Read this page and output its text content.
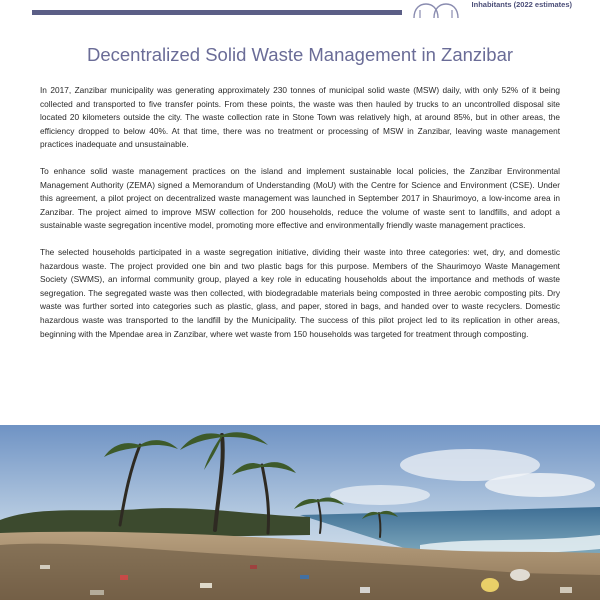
Inhabitants (2022 estimates)
Decentralized Solid Waste Management in Zanzibar

In 2017, Zanzibar municipality was generating approximately 230 tonnes of municipal solid waste (MSW) daily, with only 52% of it being collected and transported to five transfer points. From these points, the waste was then hauled by trucks to an uncontrolled disposal site located 20 kilometers outside the city. The waste collection rate in Stone Town was relatively high, at around 85%, but in other areas, the efficiency dropped to below 40%. At that time, there was no treatment or processing of MSW in Zanzibar, leaving waste management practices inadequate and unsustainable.

To enhance solid waste management practices on the island and implement sustainable local policies, the Zanzibar Environmental Management Authority (ZEMA) signed a Memorandum of Understanding (MoU) with the Centre for Science and Environment (CSE). Under this agreement, a pilot project on decentralized waste management was launched in September 2017 in Shaurimoyo, a low-income area in Zanzibar. The project aimed to improve MSW collection for 200 households, reduce the volume of waste sent to landfills, and adopt a sustainable waste segregation incentive model, promoting more effective and environmentally friendly waste management practices.

The selected households participated in a waste segregation initiative, dividing their waste into three categories: wet, dry, and domestic hazardous waste. The project provided one bin and two plastic bags for this purpose. Members of the Shaurimoyo Waste Management Society (SWMS), an informal community group, played a key role in educating households about the importance and methods of waste segregation. The segregated waste was then collected, with biodegradable materials being composted in three aerobic composting pits. Dry waste was further sorted into categories such as plastic, glass, and paper, stored in bags, and handed over to waste recyclers. Domestic hazardous waste was transported to the landfill by the Municipality. The success of this pilot project led to its replication in other areas, beginning with the Mpendae area in Zanzibar, where wet waste from 150 households was targeted for treatment through composting.
